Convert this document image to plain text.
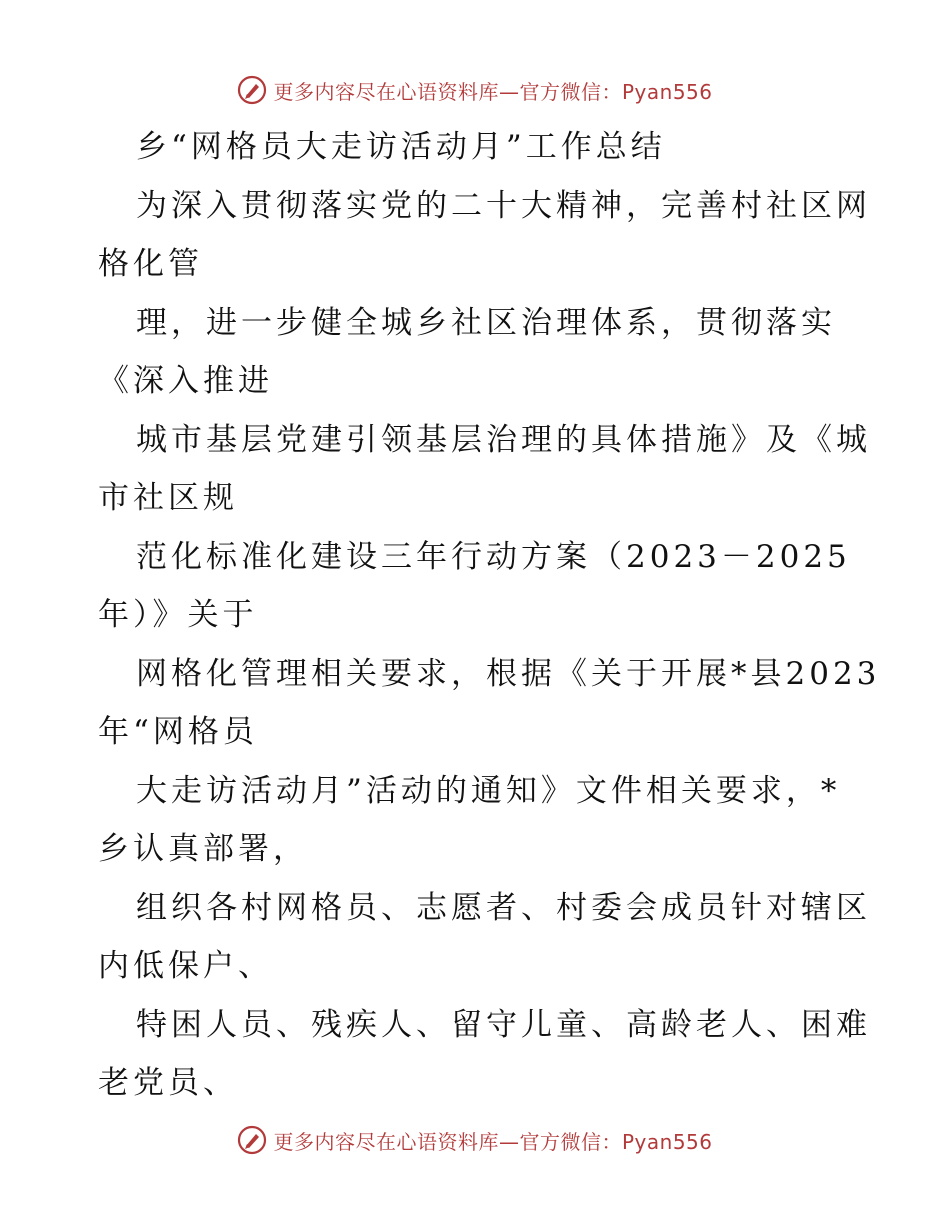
更多内容尽在心语资料库—官方微信：Pyan556
乡“网格员大走访活动月”工作总结
为深入贯彻落实党的二十大精神，完善村社区网
格化管
理，进一步健全城乡社区治理体系，贯彻落实
《深入推进
城市基层党建引领基层治理的具体措施》及《城
市社区规
范化标准化建设三年行动方案（2023－2025
年）》关于
网格化管理相关要求，根据《关于开展*县2023
年“网格员
大走访活动月”活动的通知》文件相关要求，*
乡认真部署，
组织各村网格员、志愿者、村委会成员针对辖区
内低保户、
特困人员、残疾人、留守儿童、高龄老人、困难
老党员、
更多内容尽在心语资料库—官方微信：Pyan556
